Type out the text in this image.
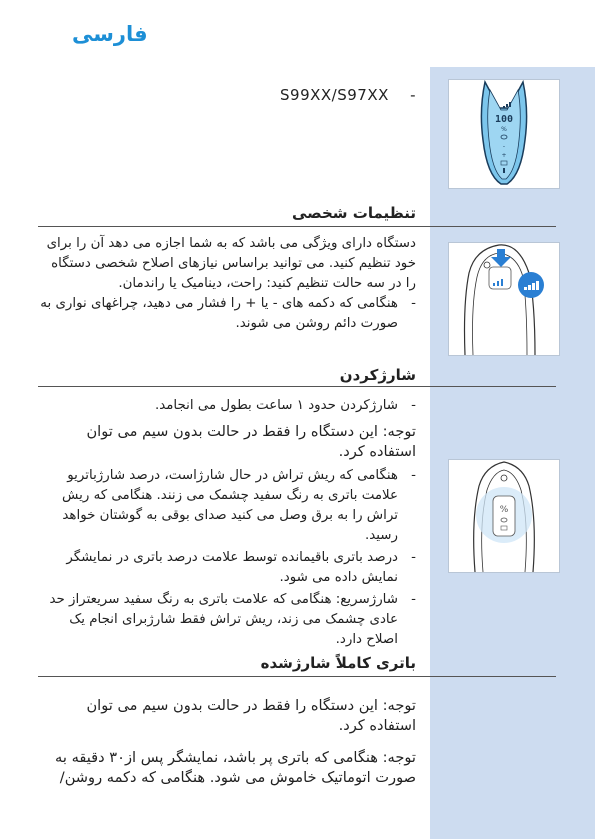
فارسی
100
%
-
+
%
S99XX/S97XX -
تنظیمات شخصی
دستگاه دارای ویژگی می باشد که به شما اجازه می دهد آن را برای خود تنظیم کنید. می توانید براساس نیازهای اصلاح شخصی دستگاه را در سه حالت تنظیم کنید: راحت، دینامیک یا راندمان.
- هنگامی که دکمه های - یا + را فشار می دهید، چراغهای نواری به صورت دائم روشن می شوند.
شارژکردن
- شارژکردن حدود ۱ ساعت بطول می انجامد.
توجه: این دستگاه را فقط در حالت بدون سیم می توان استفاده کرد.
- هنگامی که ریش تراش در حال شارژاست، درصد شارژباتریو علامت باتری به رنگ سفید چشمک می زنند. هنگامی که ریش تراش را به برق وصل می کنید صدای بوقی به گوشتان خواهد رسید.
- درصد باتری باقیمانده توسط علامت درصد باتری در نمایشگر نمایش داده می شود.
- شارژسریع: هنگامی که علامت باتری به رنگ سفید سریعتراز حد عادی چشمک می زند، ریش تراش فقط شارژبرای انجام یک اصلاح دارد.
باتری کاملاً شارژشده
توجه: این دستگاه را فقط در حالت بدون سیم می توان استفاده کرد.
توجه: هنگامی که باتری پر باشد، نمایشگر پس از۳۰ دقیقه به صورت اتوماتیک خاموش می شود. هنگامی که دکمه روشن/
